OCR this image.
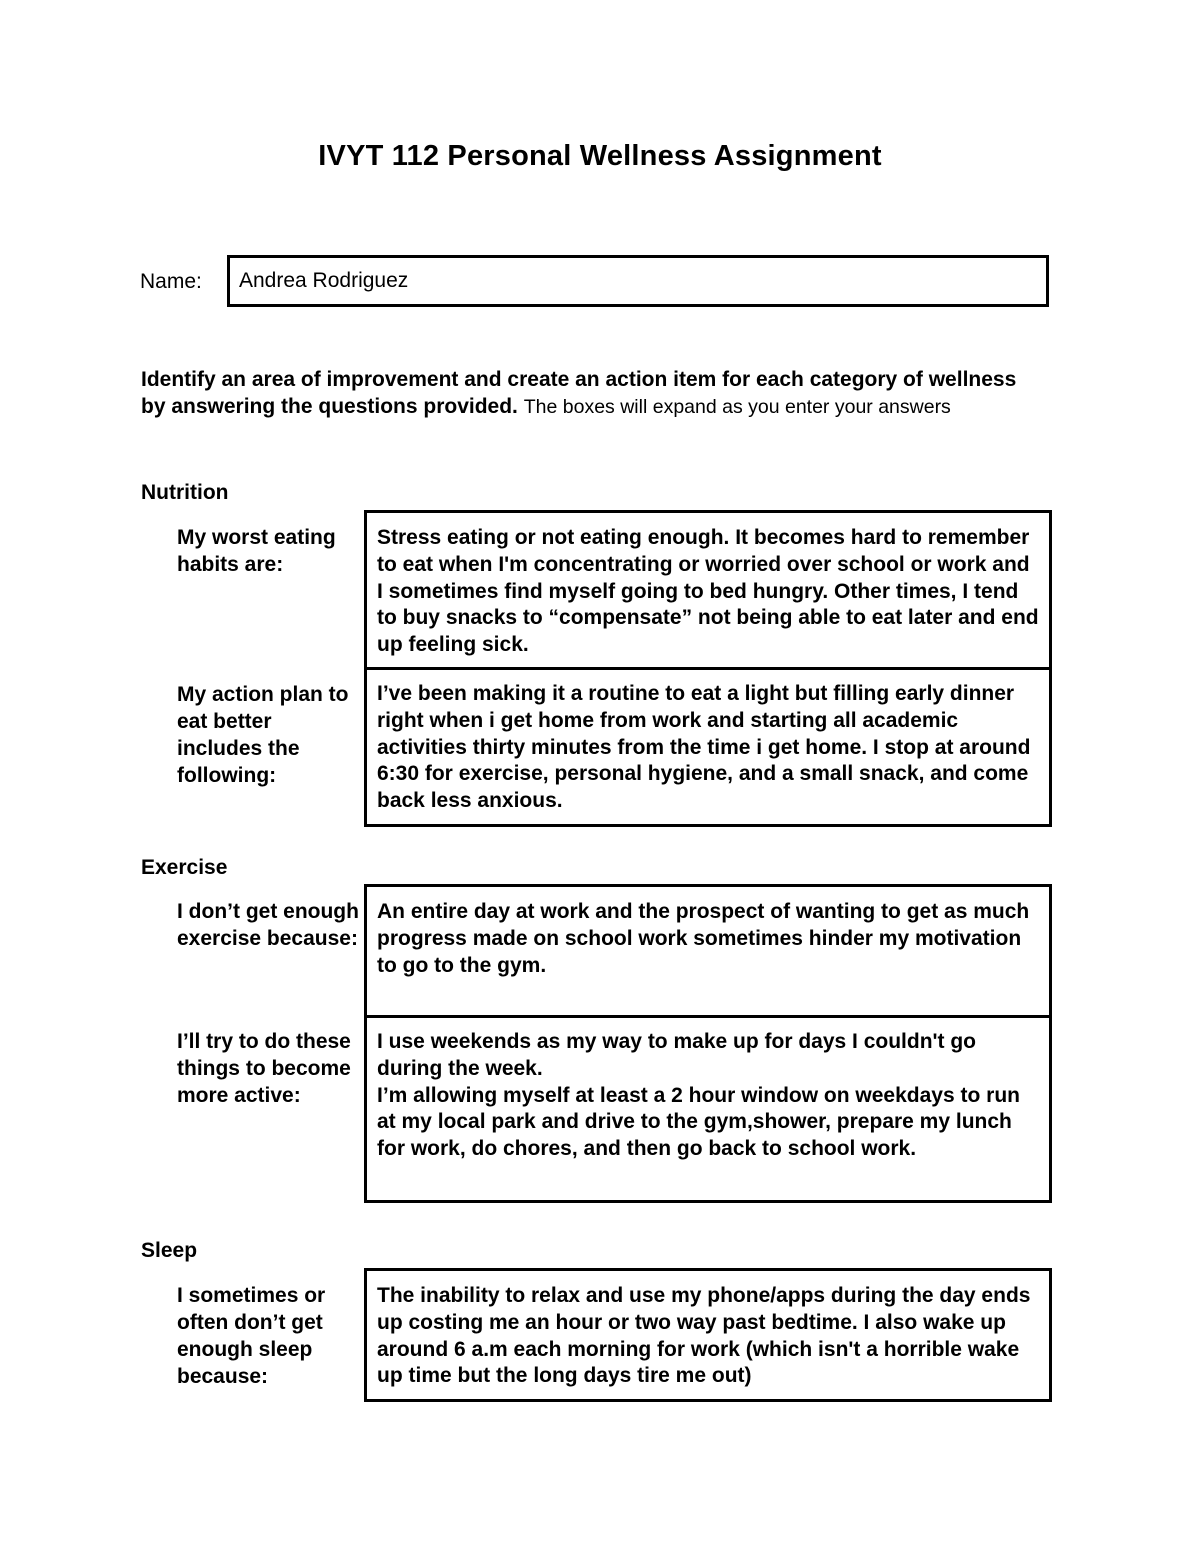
IVYT 112 Personal Wellness Assignment
Name: Andrea Rodriguez
Identify an area of improvement and create an action item for each category of wellness by answering the questions provided. The boxes will expand as you enter your answers
Nutrition
My worst eating habits are:
Stress eating or not eating enough. It becomes hard to remember to eat when I'm concentrating or worried over school or work and I sometimes find myself going to bed hungry. Other times, I tend to buy snacks to “compensate” not being able to eat later and end up feeling sick.
My action plan to eat better includes the following:
I’ve been making it a routine to eat a light but filling early dinner right when i get home from work and starting all academic activities thirty minutes from the time i get home. I stop at around 6:30 for exercise, personal hygiene, and a small snack, and come back less anxious.
Exercise
I don’t get enough exercise because:
An entire day at work and the prospect of wanting to get as much progress made on school work sometimes hinder my motivation to go to the gym.
I’ll try to do these things to become more active:
I use weekends as my way to make up for days I couldn't go during the week.
I’m allowing myself at least a 2 hour window on weekdays to run at my local park and drive to the gym,shower, prepare my lunch for work, do chores, and then go back to school work.
Sleep
I sometimes or often don’t get enough sleep because:
The inability to relax and use my phone/apps during the day ends up costing me an hour or two way past bedtime. I also wake up around 6 a.m each morning for work (which isn't a horrible wake up time but the long days tire me out)
